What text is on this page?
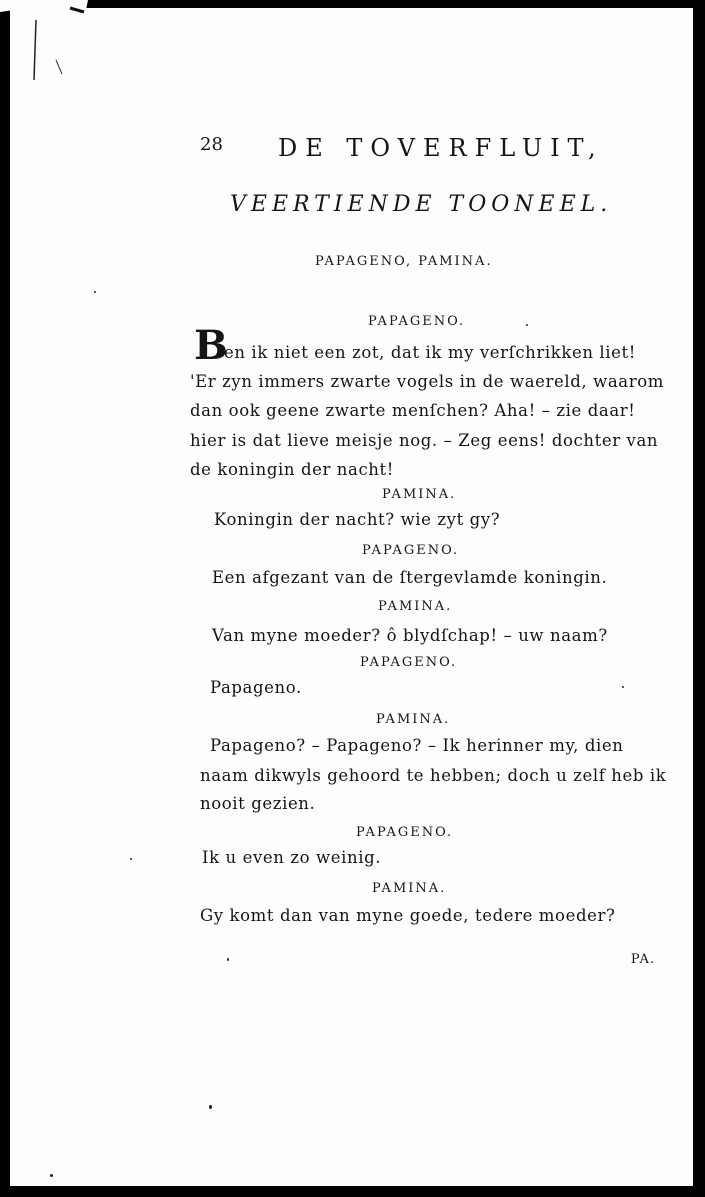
28 DE TOVERFLUIT,
VEERTIENDE TOONEEL.
PAPAGENO, PAMINA.
PAPAGENO.
B
en ik niet een zot, dat ik my verſchrikken liet!
'Er zyn immers zwarte vogels in de waereld, waarom
dan ook geene zwarte menſchen? Aha! – zie daar!
hier is dat lieve meisje nog. – Zeg eens! dochter van
de koningin der nacht!
PAMINA.
Koningin der nacht? wie zyt gy?
PAPAGENO.
Een afgezant van de ſtergevlamde koningin.
PAMINA.
Van myne moeder? ô blydſchap! – uw naam?
PAPAGENO.
Papageno.
PAMINA.
Papageno? – Papageno? – Ik herinner my, dien
naam dikwyls gehoord te hebben; doch u zelf heb ik
nooit gezien.
PAPAGENO.
Ik u even zo weinig.
PAMINA.
Gy komt dan van myne goede, tedere moeder?
PA.
